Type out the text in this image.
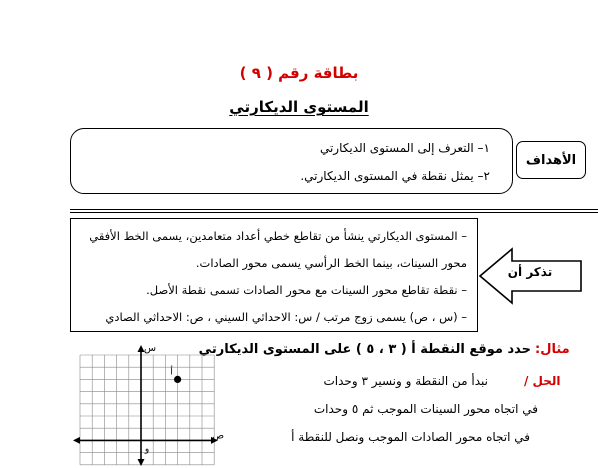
بطاقة رقم ( ٩ )
المستوى الديكارتي
١– التعرف إلى المستوى الديكارتي
٢– يمثل نقطة في المستوى الديكارتي.
الأهداف
– المستوى الديكارتي ينشأ من تقاطع خطي أعداد متعامدين، يسمى الخط الأفقي
محور السينات، بينما الخط الرأسي يسمى محور الصادات.
– نقطة تقاطع محور السينات مع محور الصادات تسمى نقطة الأصل.
– (س ، ص) يسمى زوج مرتب / س: الاحداثي السيني ، ص: الاحداثي الصادي
تذكر أن
مثال:
حدد موقع النقطة أ ( ٣ ، ٥ ) على المستوى الديكارتي
الحل /
نبدأ من النقطة و ونسير ٣ وحدات
في اتجاه محور السينات الموجب ثم ٥ وحدات
في اتجاه محور الصادات الموجب ونصل للنقطة أ
أ
س
ص
و
